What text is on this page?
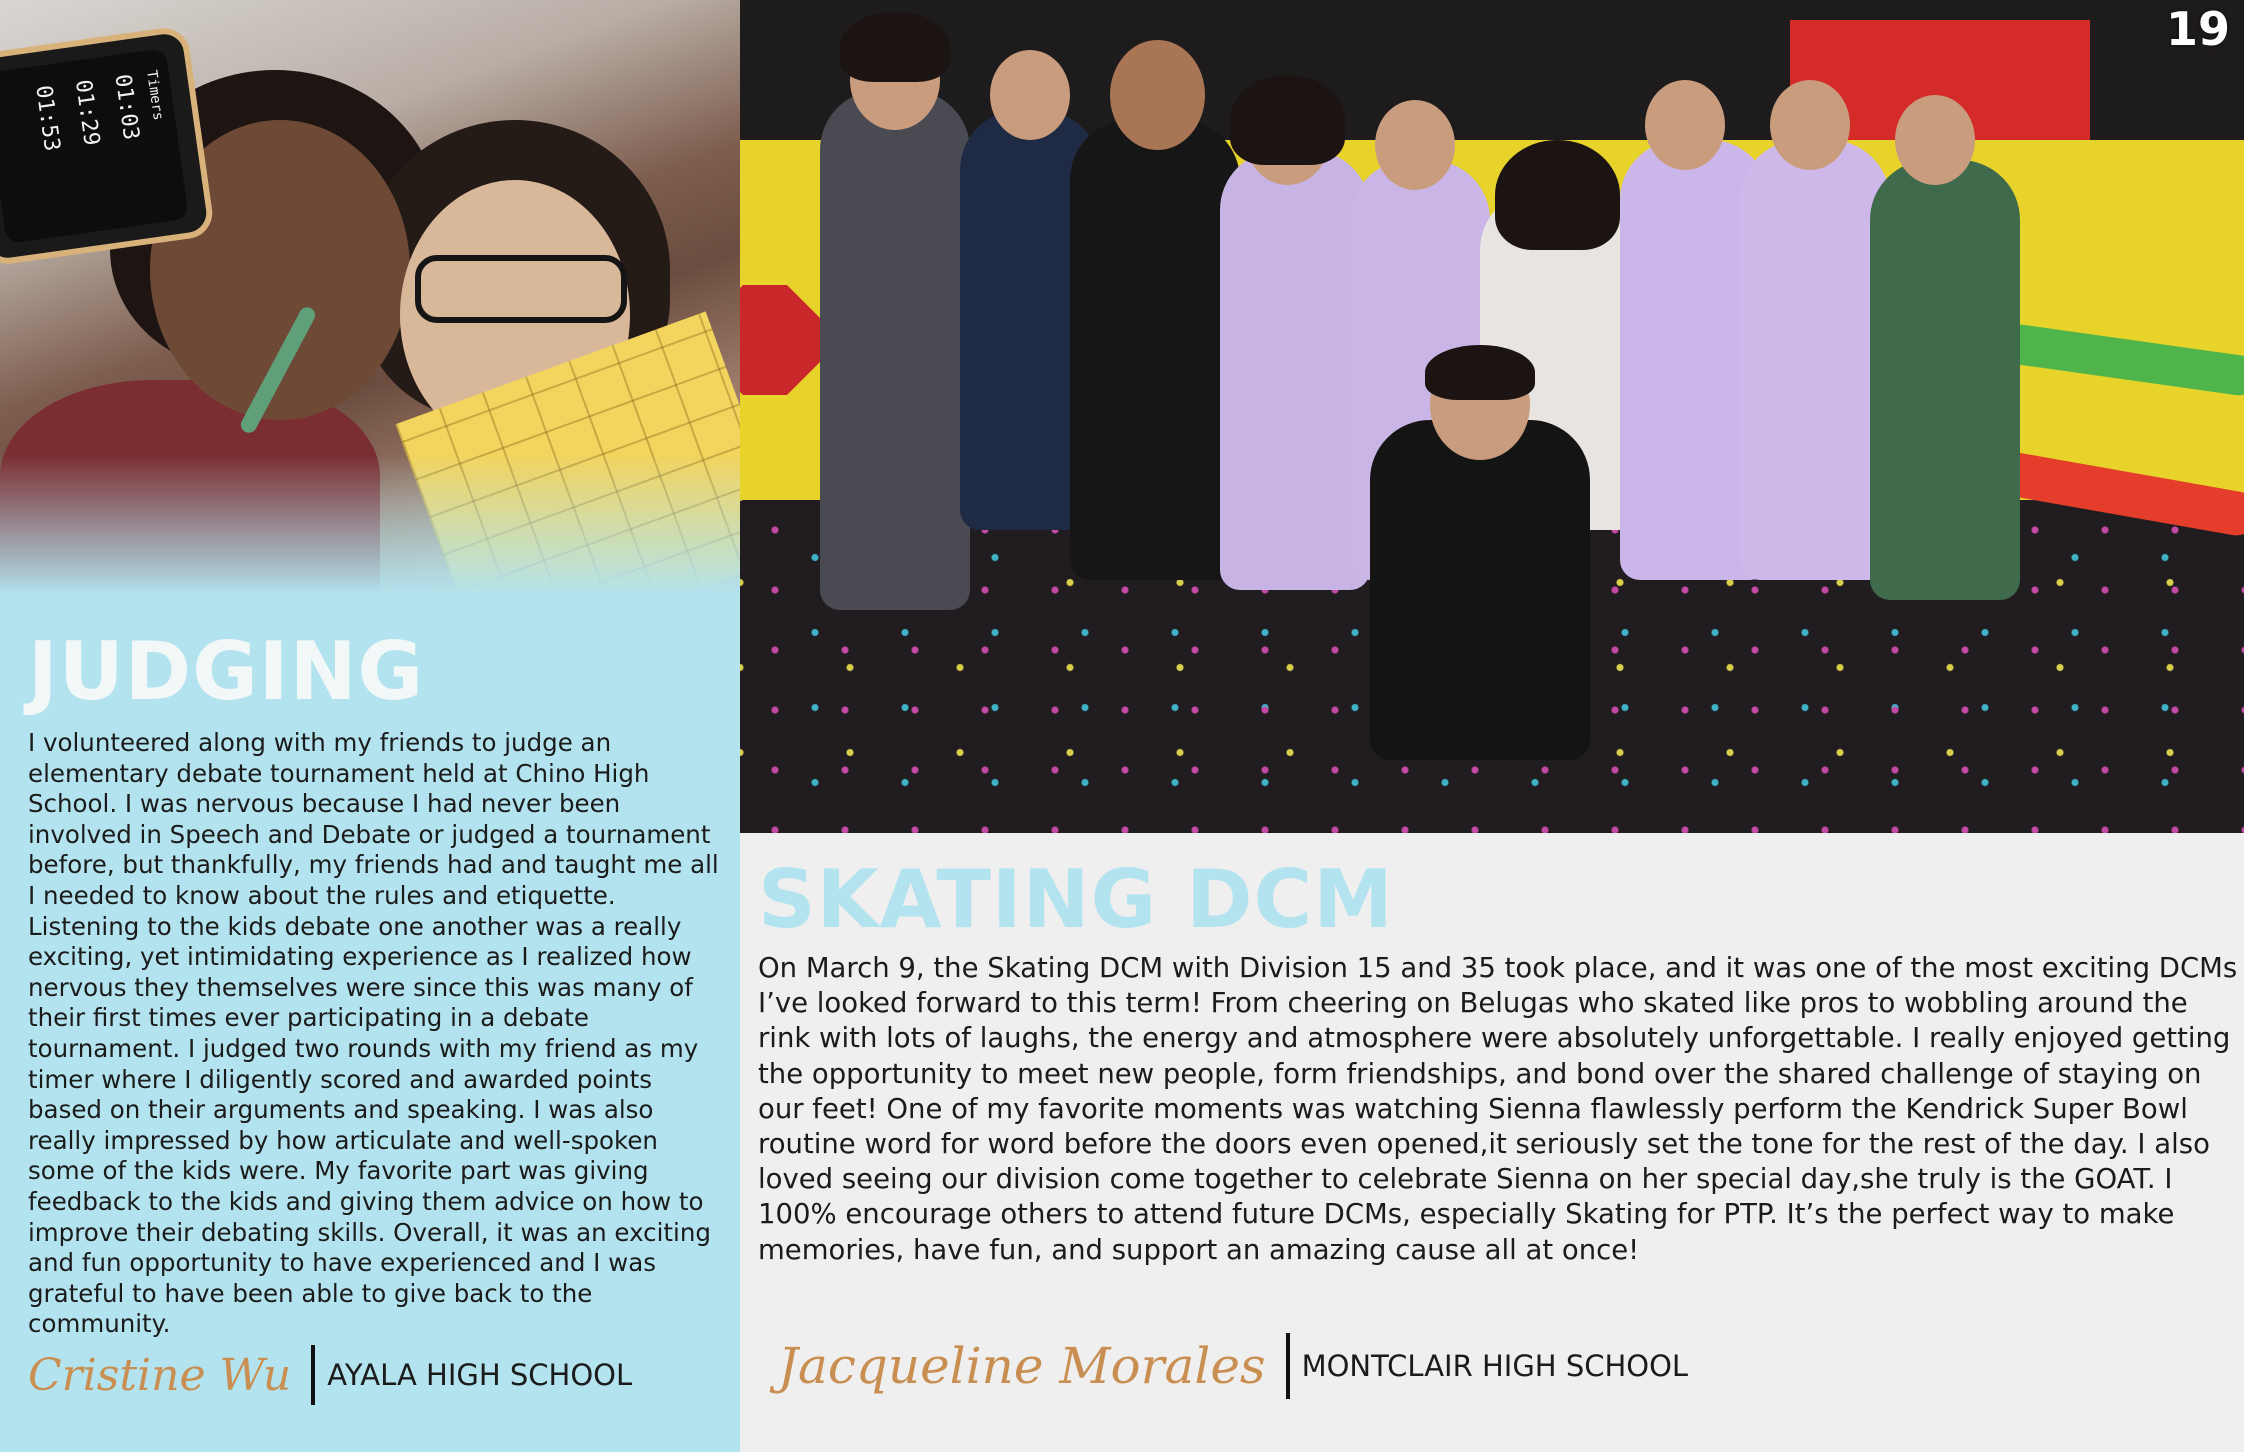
Timers
01:03
01:29
01:53
JUDGING

I volunteered along with my friends to judge an elementary debate tournament held at Chino High School. I was nervous because I had never been involved in Speech and Debate or judged a tournament before, but thankfully, my friends had and taught me all I needed to know about the rules and etiquette. Listening to the kids debate one another was a really exciting, yet intimidating experience as I realized how nervous they themselves were since this was many of their first times ever participating in a debate tournament. I judged two rounds with my friend as my timer where I diligently scored and awarded points based on their arguments and speaking. I was also really impressed by how articulate and well-spoken some of the kids were. My favorite part was giving feedback to the kids and giving them advice on how to improve their debating skills. Overall, it was an exciting and fun opportunity to have experienced and I was grateful to have been able to give back to the community.

Cristine Wu AYALA HIGH SCHOOL
19
SKATING DCM

On March 9, the Skating DCM with Division 15 and 35 took place, and it was one of the most exciting DCMs I’ve looked forward to this term! From cheering on Belugas who skated like pros to wobbling around the rink with lots of laughs, the energy and atmosphere were absolutely unforgettable. I really enjoyed getting the opportunity to meet new people, form friendships, and bond over the shared challenge of staying on our feet! One of my favorite moments was watching Sienna flawlessly perform the Kendrick Super Bowl routine word for word before the doors even opened,it seriously set the tone for the rest of the day. I also loved seeing our division come together to celebrate Sienna on her special day,she truly is the GOAT. I 100% encourage others to attend future DCMs, especially Skating for PTP. It’s the perfect way to make memories, have fun, and support an amazing cause all at once!

Jacqueline Morales MONTCLAIR HIGH SCHOOL
